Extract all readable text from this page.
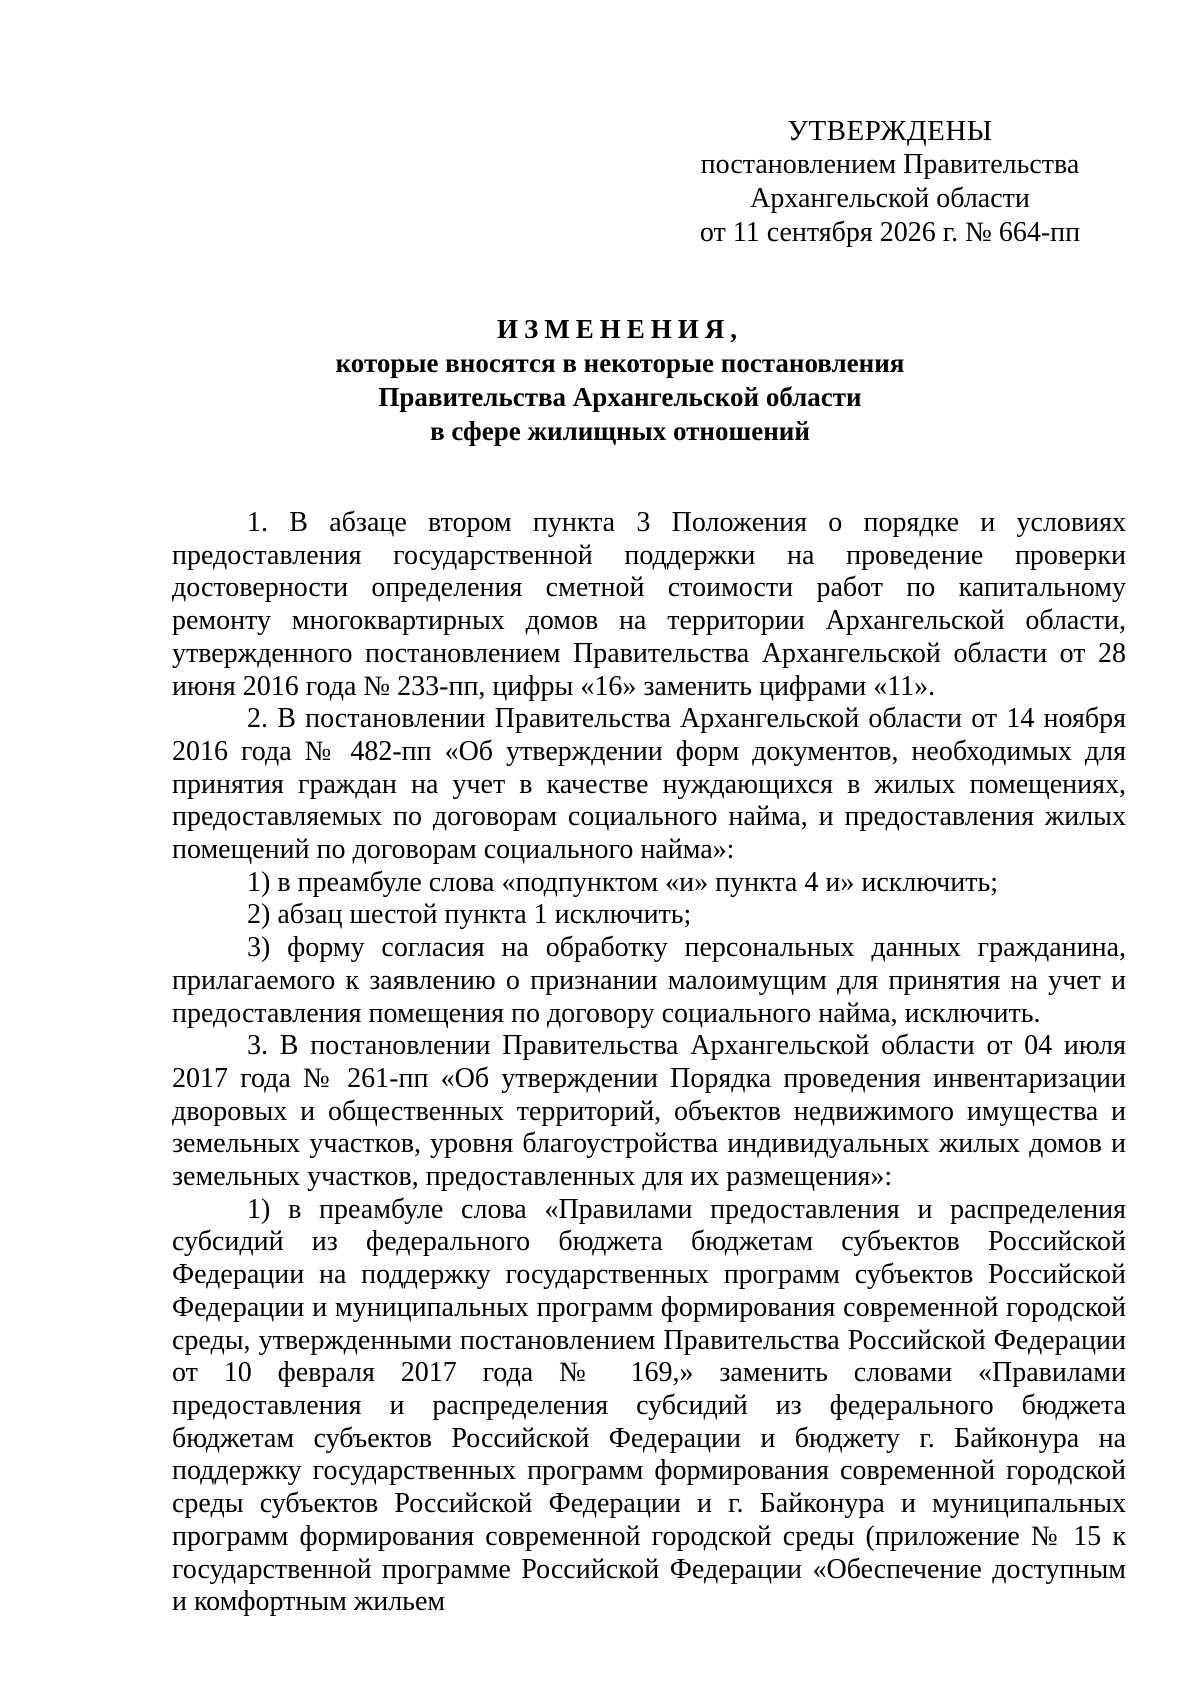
УТВЕРЖДЕНЫ
постановлением Правительства
Архангельской области
от 11 сентября 2026 г. № 664-пп
ИЗМЕНЕНИЯ,
которые вносятся в некоторые постановления
Правительства Архангельской области
в сфере жилищных отношений

1. В абзаце втором пункта 3 Положения о порядке и условиях предоставления государственной поддержки на проведение проверки достоверности определения сметной стоимости работ по капитальному ремонту многоквартирных домов на территории Архангельской области, утвержденного постановлением Правительства Архангельской области от 28 июня 2016 года № 233-пп, цифры «16» заменить цифрами «11».

2. В постановлении Правительства Архангельской области от 14 ноября 2016 года № 482-пп «Об утверждении форм документов, необходимых для принятия граждан на учет в качестве нуждающихся в жилых помещениях, предоставляемых по договорам социального найма, и предоставления жилых помещений по договорам социального найма»:

1) в преамбуле слова «подпунктом «и» пункта 4 и» исключить;

2) абзац шестой пункта 1 исключить;

3) форму согласия на обработку персональных данных гражданина, прилагаемого к заявлению о признании малоимущим для принятия на учет и предоставления помещения по договору социального найма, исключить.

3. В постановлении Правительства Архангельской области от 04 июля 2017 года № 261-пп «Об утверждении Порядка проведения инвентаризации дворовых и общественных территорий, объектов недвижимого имущества и земельных участков, уровня благоустройства индивидуальных жилых домов и земельных участков, предоставленных для их размещения»:

1) в преамбуле слова «Правилами предоставления и распределения субсидий из федерального бюджета бюджетам субъектов Российской Федерации на поддержку государственных программ субъектов Российской Федерации и муниципальных программ формирования современной городской среды, утвержденными постановлением Правительства Российской Федерации от 10 февраля 2017 года № 169,» заменить словами «Правилами предоставления и распределения субсидий из федерального бюджета бюджетам субъектов Российской Федерации и бюджету г. Байконура на поддержку государственных программ формирования современной городской среды субъектов Российской Федерации и г. Байконура и муниципальных программ формирования современной городской среды (приложение № 15 к государственной программе Российской Федерации «Обеспечение доступным и комфортным жильем
